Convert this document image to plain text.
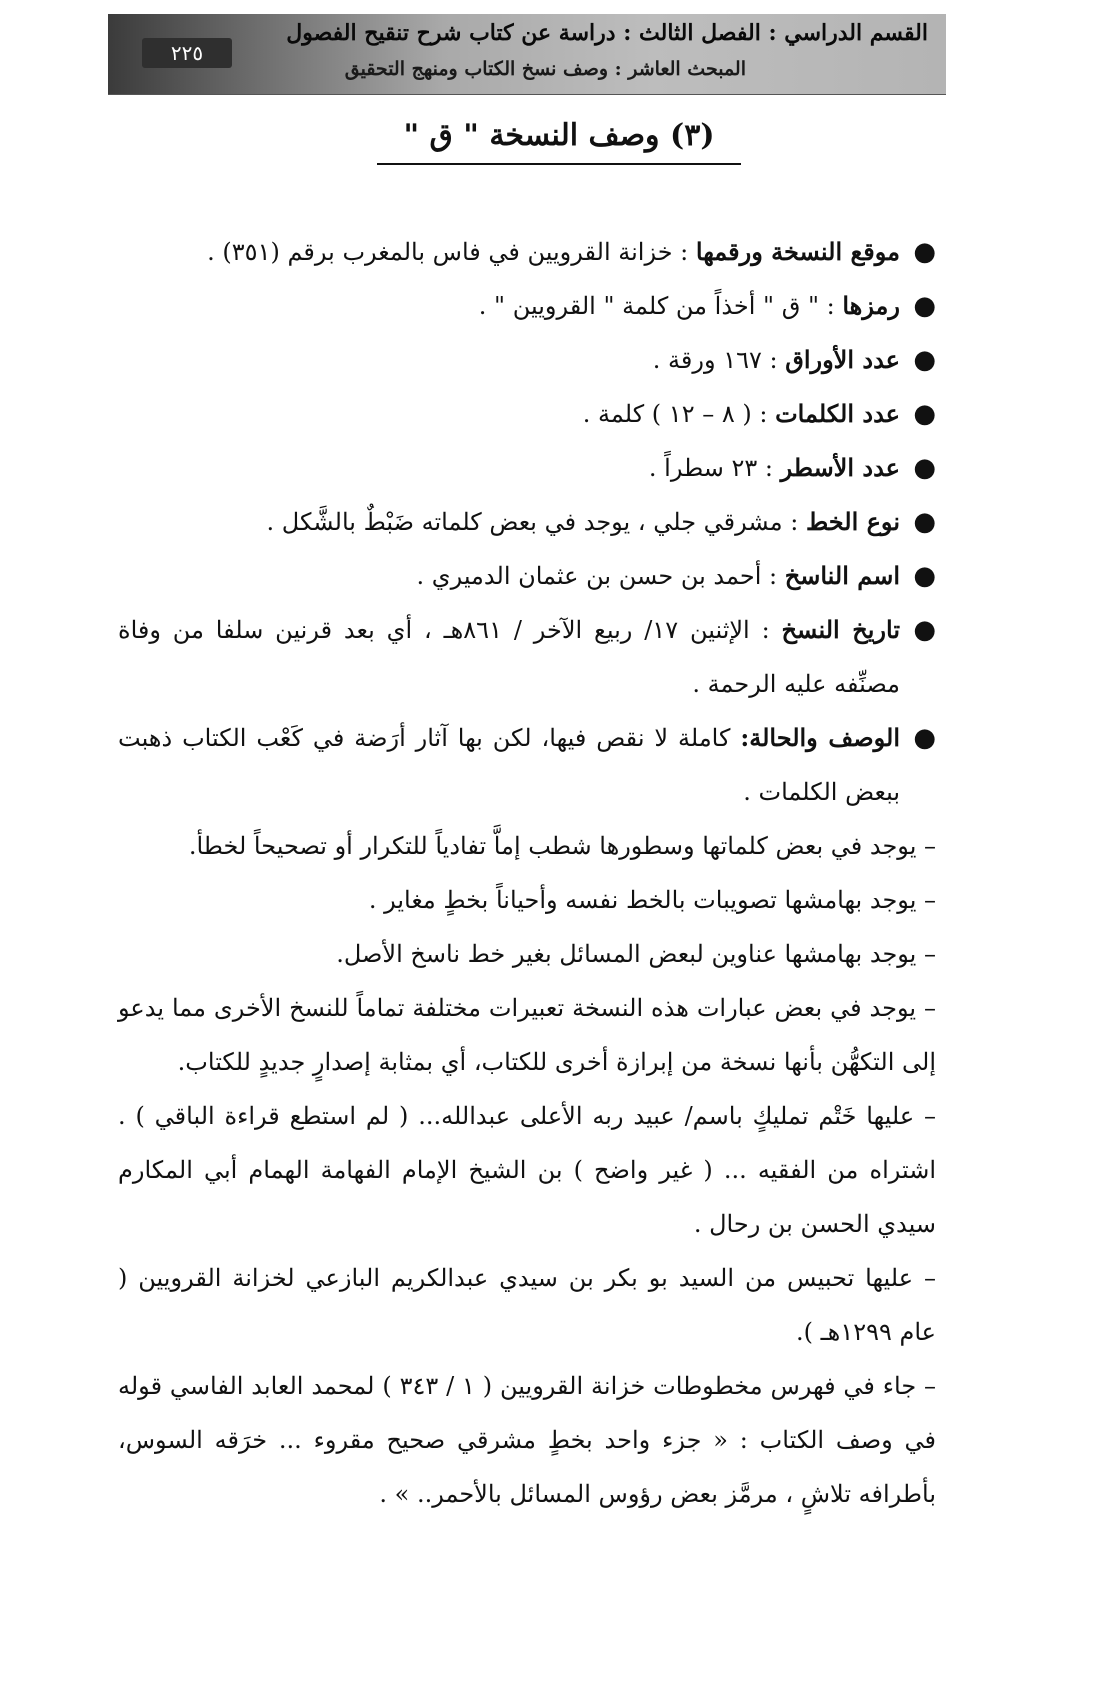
٢٢٥
القسم الدراسي : الفصل الثالث : دراسة عن كتاب شرح تنقيح الفصول
المبحث العاشر : وصف نسخ الكتاب ومنهج التحقيق
(٣) وصف النسخة " ق "
●
موقع النسخة ورقمها : خزانة القرويين في فاس بالمغرب برقم (٣٥١) .
●
رمزها : " ق " أخذاً من كلمة " القرويين " .
●
عدد الأوراق : ١٦٧ ورقة .
●
عدد الكلمات : ( ٨ – ١٢ ) كلمة .
●
عدد الأسطر : ٢٣ سطراً .
●
نوع الخط : مشرقي جلي ، يوجد في بعض كلماته ضَبْطٌ بالشَّكل .
●
اسم الناسخ : أحمد بن حسن بن عثمان الدميري .
●
تاريخ النسخ : الإثنين ١٧/ ربيع الآخر / ٨٦١هـ ، أي بعد قرنين سلفا من وفاة مصنِّفه عليه الرحمة .
●
الوصف والحالة: كاملة لا نقص فيها، لكن بها آثار أرَضة في كَعْب الكتاب ذهبت ببعض الكلمات .

– يوجد في بعض كلماتها وسطورها شطب إماَّ تفادياً للتكرار أو تصحيحاً لخطأ.

– يوجد بهامشها تصويبات بالخط نفسه وأحياناً بخطٍ مغاير .

– يوجد بهامشها عناوين لبعض المسائل بغير خط ناسخ الأصل.

– يوجد في بعض عبارات هذه النسخة تعبيرات مختلفة تماماً للنسخ الأخرى مما يدعو إلى التكهُّن بأنها نسخة من إبرازة أخرى للكتاب، أي بمثابة إصدارٍ جديدٍ للكتاب.

– عليها خَتْم تمليكٍ باسم/ عبيد ربه الأعلى عبدالله... ( لم استطع قراءة الباقي ) . اشتراه من الفقيه ... ( غير واضح ) بن الشيخ الإمام الفهامة الهمام أبي المكارم سيدي الحسن بن رحال .

– عليها تحبيس من السيد بو بكر بن سيدي عبدالكريم البازعي لخزانة القرويين ( عام ١٢٩٩هـ ).

– جاء في فهرس مخطوطات خزانة القرويين ( ١ / ٣٤٣ ) لمحمد العابد الفاسي قوله في وصف الكتاب : « جزء واحد بخطٍ مشرقي صحيح مقروء ... خرَقه السوس، بأطرافه تلاشٍ ، مرمَّز بعض رؤوس المسائل بالأحمر.. » .
